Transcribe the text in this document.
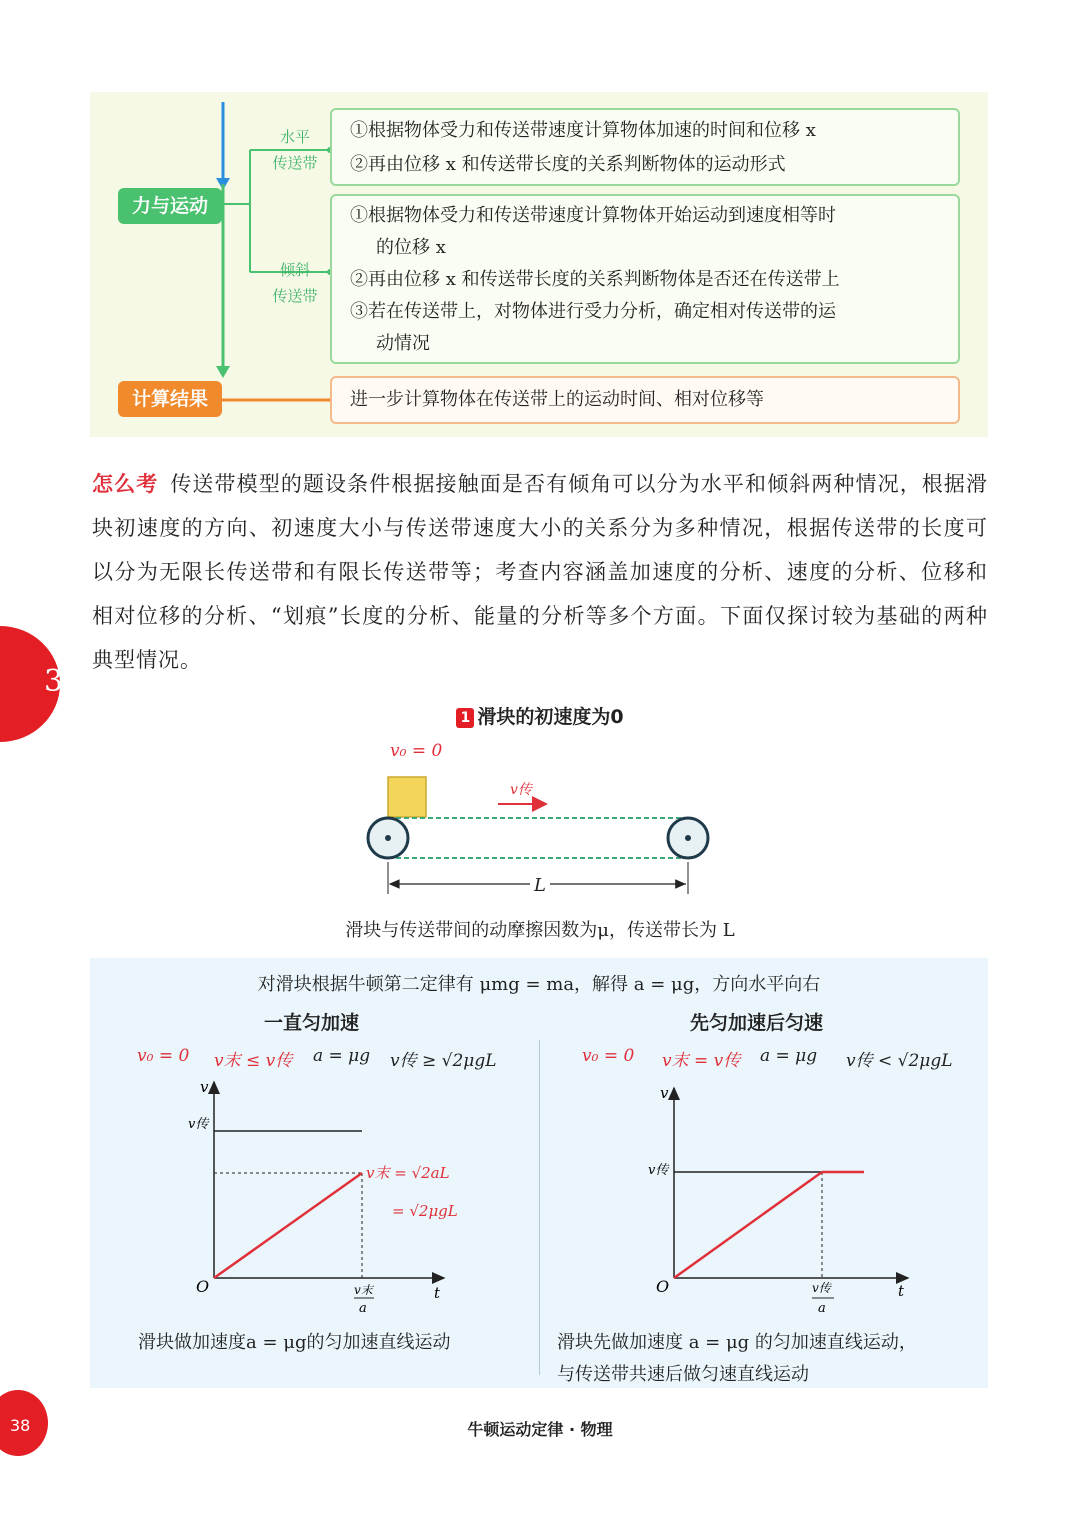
力与运动
计算结果
水平
传送带
倾斜
传送带
①根据物体受力和传送带速度计算物体加速的时间和位移 x
②再由位移 x 和传送带长度的关系判断物体的运动形式
①根据物体受力和传送带速度计算物体开始运动到速度相等时
的位移 x
②再由位移 x 和传送带长度的关系判断物体是否还在传送带上
③若在传送带上，对物体进行受力分析，确定相对传送带的运
动情况
进一步计算物体在传送带上的运动时间、相对位移等
3
怎么考 传送带模型的题设条件根据接触面是否有倾角可以分为水平和倾斜两种情况，根据滑块初速度的方向、初速度大小与传送带速度大小的关系分为多种情况，根据传送带的长度可以分为无限长传送带和有限长传送带等；考查内容涵盖加速度的分析、速度的分析、位移和相对位移的分析、“划痕”长度的分析、能量的分析等多个方面。下面仅探讨较为基础的两种典型情况。
1 滑块的初速度为0
v₀ = 0
v传
L
滑块与传送带间的动摩擦因数为μ，传送带长为 L
对滑块根据牛顿第二定律有 μmg = ma，解得 a = μg，方向水平向右
一直匀加速
v₀ = 0 v末 ≤ v传 a = μg v传 ≥ √2μgL
v
t
O
v传
v末 = √2aL
= √2μgL
v末
a
滑块做加速度a = μg的匀加速直线运动
先匀加速后匀速
v₀ = 0 v末 = v传 a = μg v传 < √2μgL
v
t
O
v传
v传
a
滑块先做加速度 a = μg 的匀加速直线运动，
与传送带共速后做匀速直线运动
38	牛顿运动定律 · 物理
